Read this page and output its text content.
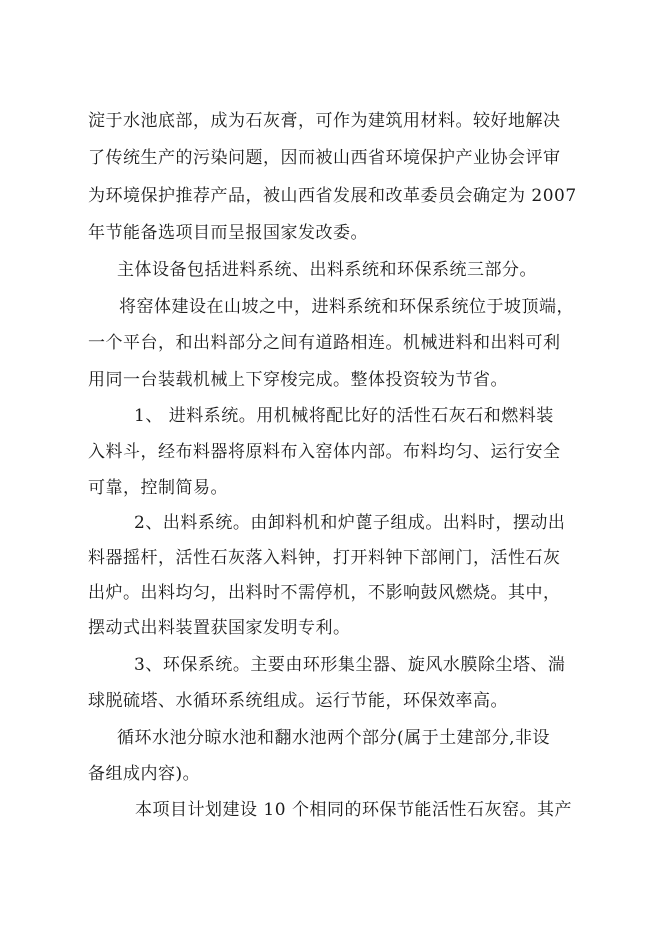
淀于水池底部，成为石灰膏，可作为建筑用材料。较好地解决
了传统生产的污染问题，因而被山西省环境保护产业协会评审
为环境保护推荐产品，被山西省发展和改革委员会确定为 2007
年节能备选项目而呈报国家发改委。
主体设备包括进料系统、出料系统和环保系统三部分。
将窑体建设在山坡之中，进料系统和环保系统位于坡顶端，
一个平台，和出料部分之间有道路相连。机械进料和出料可利
用同一台装载机械上下穿梭完成。整体投资较为节省。
1、 进料系统。用机械将配比好的活性石灰石和燃料装
入料斗，经布料器将原料布入窑体内部。布料均匀、运行安全
可靠，控制简易。
2、出料系统。由卸料机和炉蓖子组成。出料时，摆动出
料器摇杆，活性石灰落入料钟，打开料钟下部闸门，活性石灰
出炉。出料均匀，出料时不需停机，不影响鼓风燃烧。其中，
摆动式出料装置获国家发明专利。
3、环保系统。主要由环形集尘器、旋风水膜除尘塔、湍
球脱硫塔、水循环系统组成。运行节能，环保效率高。
循环水池分晾水池和翻水池两个部分(属于土建部分,非设
备组成内容)。
本项目计划建设 10 个相同的环保节能活性石灰窑。其产
